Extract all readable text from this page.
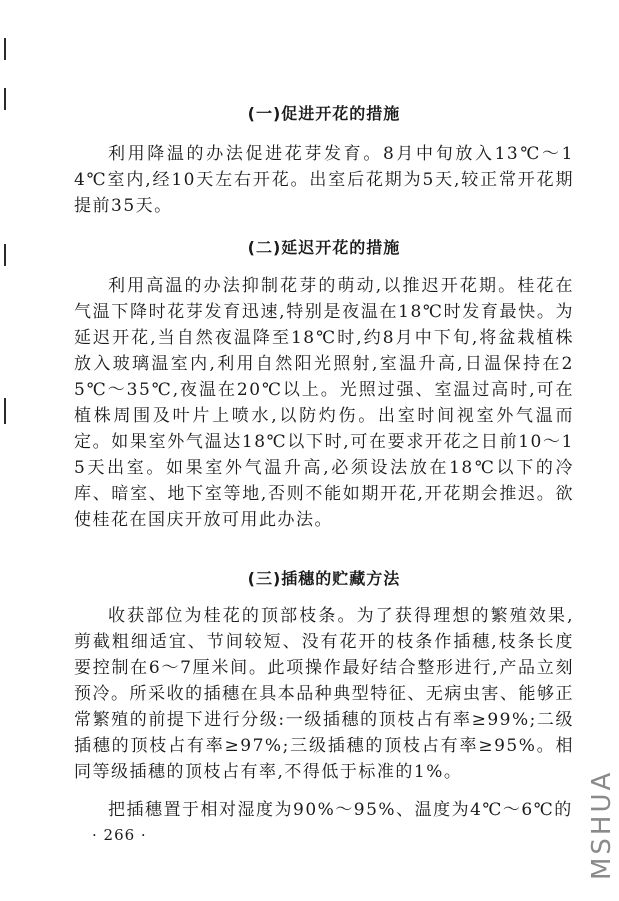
(一)促进开花的措施

利用降温的办法促进花芽发育。8月中旬放入13℃～14℃室内,经10天左右开花。出室后花期为5天,较正常开花期提前35天。

(二)延迟开花的措施

利用高温的办法抑制花芽的萌动,以推迟开花期。桂花在气温下降时花芽发育迅速,特别是夜温在18℃时发育最快。为延迟开花,当自然夜温降至18℃时,约8月中下旬,将盆栽植株放入玻璃温室内,利用自然阳光照射,室温升高,日温保持在25℃～35℃,夜温在20℃以上。光照过强、室温过高时,可在植株周围及叶片上喷水,以防灼伤。出室时间视室外气温而定。如果室外气温达18℃以下时,可在要求开花之日前10～15天出室。如果室外气温升高,必须设法放在18℃以下的冷库、暗室、地下室等地,否则不能如期开花,开花期会推迟。欲使桂花在国庆开放可用此办法。

(三)插穗的贮藏方法

收获部位为桂花的顶部枝条。为了获得理想的繁殖效果,剪截粗细适宜、节间较短、没有花开的枝条作插穗,枝条长度要控制在6～7厘米间。此项操作最好结合整形进行,产品立刻预冷。所采收的插穗在具本品种典型特征、无病虫害、能够正常繁殖的前提下进行分级:一级插穗的顶枝占有率≥99%;二级插穗的顶枝占有率≥97%;三级插穗的顶枝占有率≥95%。相同等级插穗的顶枝占有率,不得低于标准的1%。

把插穗置于相对湿度为90%～95%、温度为4℃～6℃的

· 266 ·	MSHUA
